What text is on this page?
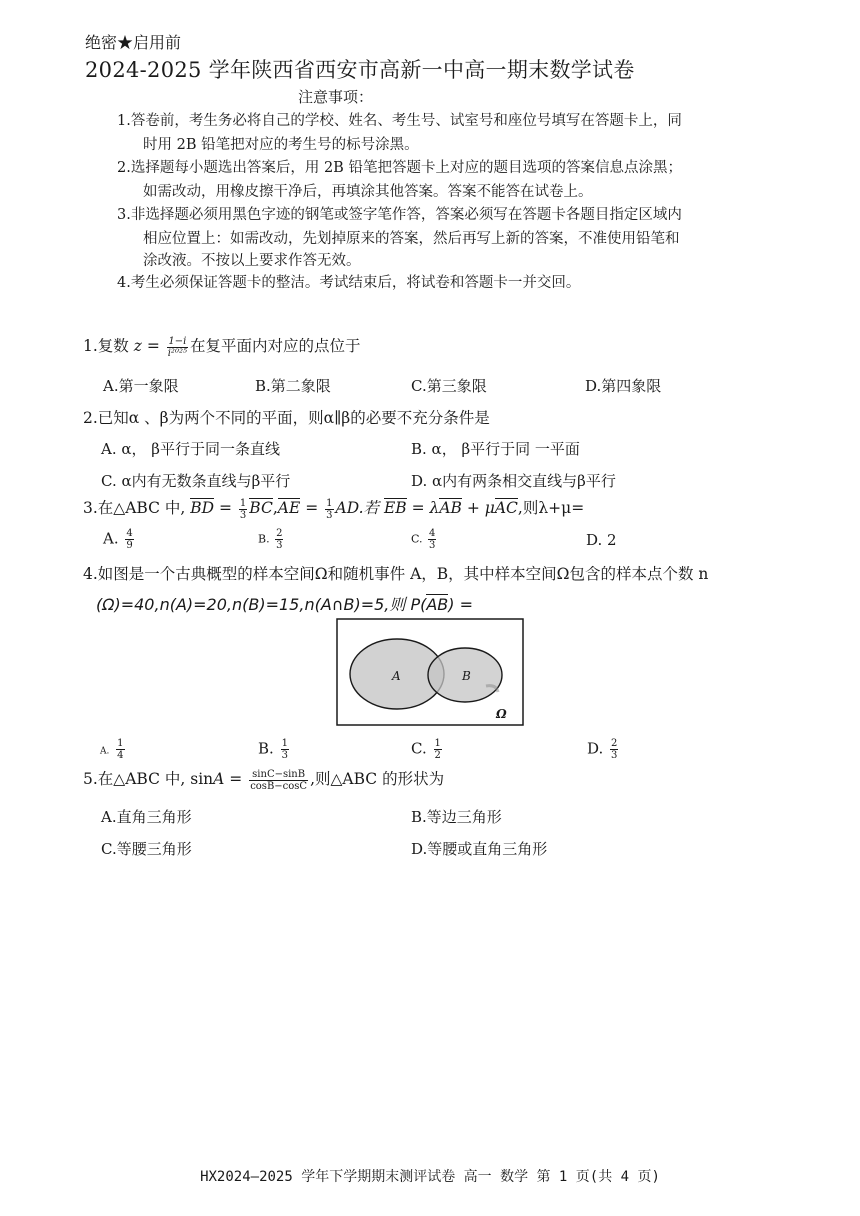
绝密★启用前
2024-2025 学年陕西省西安市高新一中高一期末数学试卷
注意事项：
1.答卷前，考生务必将自己的学校、姓名、考生号、试室号和座位号填写在答题卡上，同
时用 2B 铅笔把对应的考生号的标号涂黑。
2.选择题每小题选出答案后，用 2B 铅笔把答题卡上对应的题目选项的答案信息点涂黑；
如需改动，用橡皮擦干净后，再填涂其他答案。答案不能答在试卷上。
3.非选择题必须用黑色字迹的钢笔或签字笔作答，答案必须写在答题卡各题目指定区域内
相应位置上：如需改动，先划掉原来的答案，然后再写上新的答案，不准使用铅笔和
涂改液。不按以上要求作答无效。
4.考生必须保证答题卡的整洁。考试结束后，将试卷和答题卡一并交回。
1.复数 $z = \frac{1-i}{\text{i²⁰²⁵}}$ 在复平面内对应的点位于
A.第一象限	B.第二象限	C.第三象限	D.第四象限
2.已知α 、β为两个不同的平面，则α∥β的必要不充分条件是
A. α， β平行于同一条直线	B. α， β平行于同 一平面
C. α内有无数条直线与β平行	D. α内有两条相交直线与β平行
3.在△ABC 中, BD = $\frac{1}{3} BC,AE = \frac{1}{3}$ AD.若 EB = λAB + μAC,则λ+μ=
A. $\frac{4}{9}$	B. $\frac{2}{3}$	C. $\frac{4}{3}$	D. 2
4.如图是一个古典概型的样本空间Ω和随机事件 A，B，其中样本空间Ω包含的样本点个数 n
(Ω)=40,n(A)=20,n(B)=15,n(A∩B)=5,则 P(AB) =
A	B
Ω
A. $\frac{1}{4}$	B. $\frac{1}{3}$	C. $\frac{1}{2}$	D. $\frac{2}{3}$
5.在△ABC 中, $\sin A = \frac{\sin C-\sin B}{\cos B-\cos C}$ ,则△ABC 的形状为
A.直角三角形	B.等边三角形
C.等腰三角形	D.等腰或直角三角形
HX2024—2025 学年下学期期末测评试卷 高一 数学 第 1 页(共 4 页)
